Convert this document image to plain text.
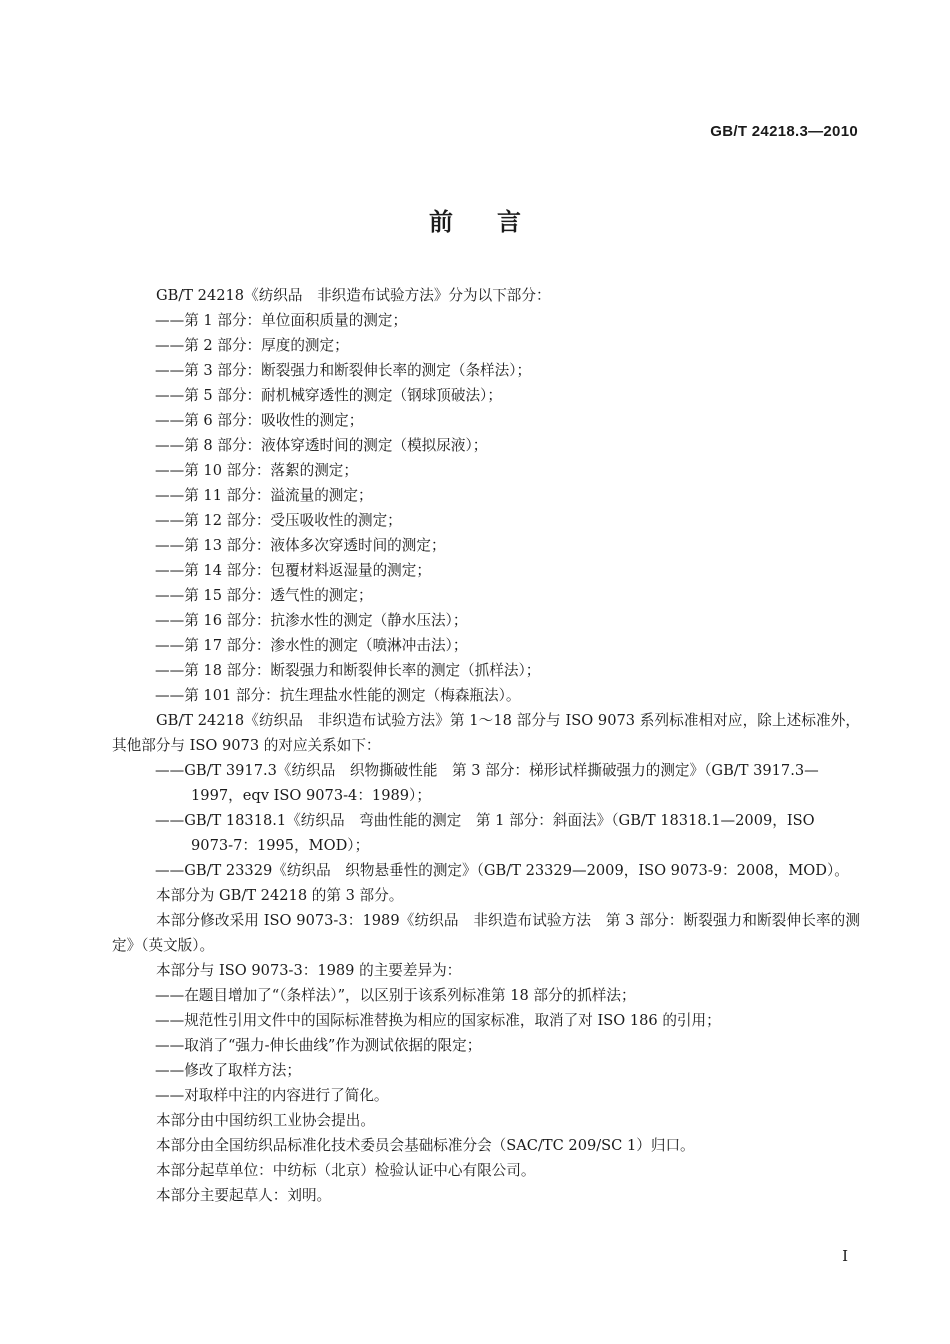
GB/T 24218.3—2010
前言

GB/T 24218《纺织品　非织造布试验方法》分为以下部分：

——第 1 部分：单位面积质量的测定；

——第 2 部分：厚度的测定；

——第 3 部分：断裂强力和断裂伸长率的测定（条样法）；

——第 5 部分：耐机械穿透性的测定（钢球顶破法）；

——第 6 部分：吸收性的测定；

——第 8 部分：液体穿透时间的测定（模拟尿液）；

——第 10 部分：落絮的测定；

——第 11 部分：溢流量的测定；

——第 12 部分：受压吸收性的测定；

——第 13 部分：液体多次穿透时间的测定；

——第 14 部分：包覆材料返湿量的测定；

——第 15 部分：透气性的测定；

——第 16 部分：抗渗水性的测定（静水压法）；

——第 17 部分：渗水性的测定（喷淋冲击法）；

——第 18 部分：断裂强力和断裂伸长率的测定（抓样法）；

——第 101 部分：抗生理盐水性能的测定（梅森瓶法）。

GB/T 24218《纺织品　非织造布试验方法》第 1～18 部分与 ISO 9073 系列标准相对应，除上述标准外，其他部分与 ISO 9073 的对应关系如下：

——GB/T 3917.3《纺织品　织物撕破性能　第 3 部分：梯形试样撕破强力的测定》（GB/T 3917.3—1997，eqv ISO 9073-4：1989）；

——GB/T 18318.1《纺织品　弯曲性能的测定　第 1 部分：斜面法》（GB/T 18318.1—2009，ISO 9073-7：1995，MOD）；

——GB/T 23329《纺织品　织物悬垂性的测定》（GB/T 23329—2009，ISO 9073-9：2008，MOD）。

本部分为 GB/T 24218 的第 3 部分。

本部分修改采用 ISO 9073-3：1989《纺织品　非织造布试验方法　第 3 部分：断裂强力和断裂伸长率的测定》（英文版）。

本部分与 ISO 9073-3：1989 的主要差异为：

——在题目增加了“（条样法）”，以区别于该系列标准第 18 部分的抓样法；

——规范性引用文件中的国际标准替换为相应的国家标准，取消了对 ISO 186 的引用；

——取消了“强力-伸长曲线”作为测试依据的限定；

——修改了取样方法；

——对取样中注的内容进行了简化。

本部分由中国纺织工业协会提出。

本部分由全国纺织品标准化技术委员会基础标准分会（SAC/TC 209/SC 1）归口。

本部分起草单位：中纺标（北京）检验认证中心有限公司。

本部分主要起草人：刘明。

I
